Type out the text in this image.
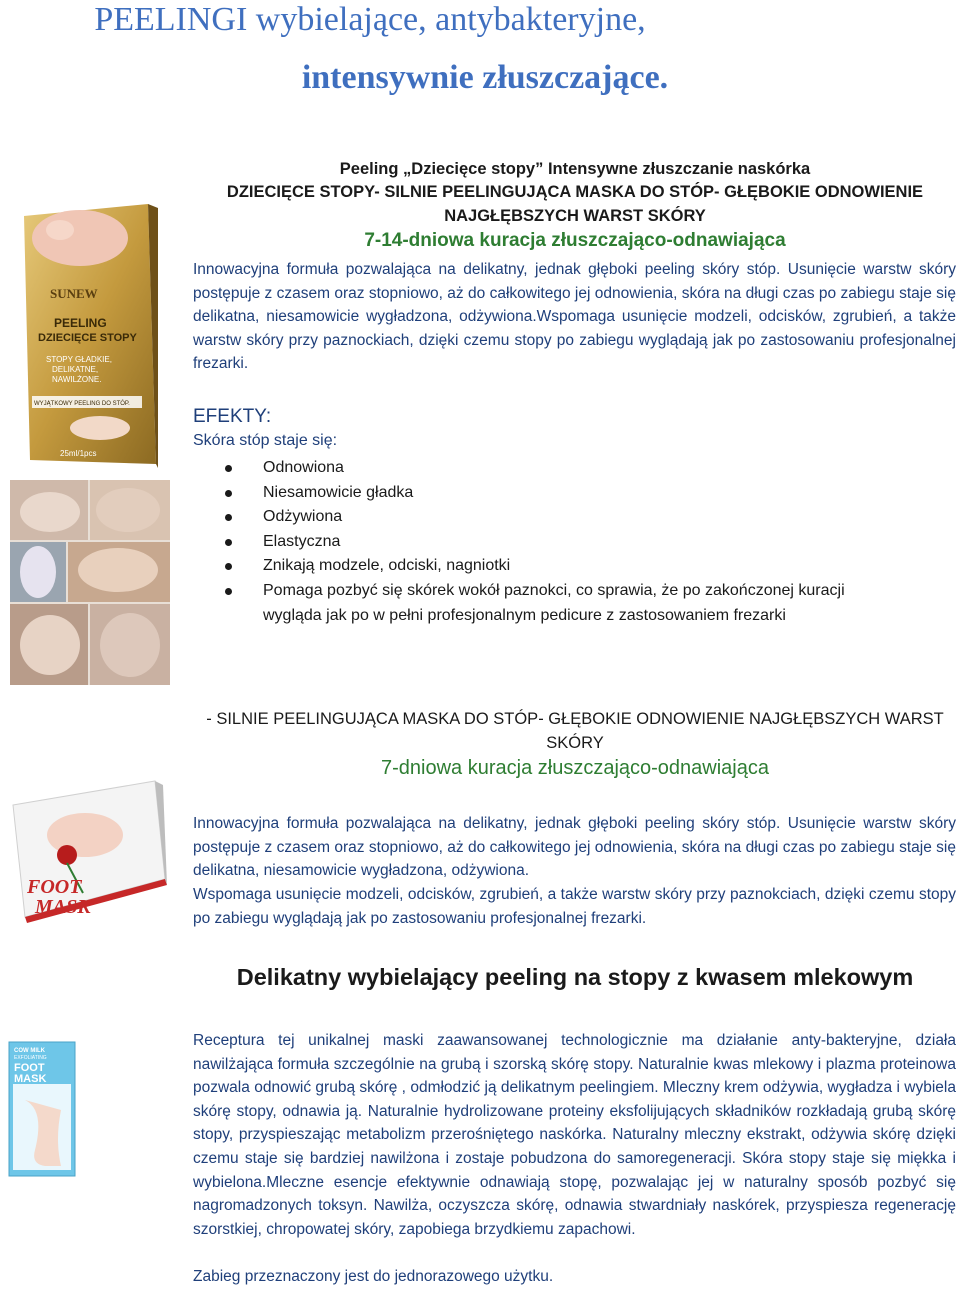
PEELINGI wybielające, antybakteryjne,
intensywnie złuszczające.
SUNEW
PEELING
DZIECIĘCE STOPY
STOPY GŁADKIE,
DELIKATNE,
NAWILŻONE.
WYJĄTKOWY PEELING DO STÓP.
25ml/1pcs
Peeling „Dziecięce stopy” Intensywne złuszczanie naskórka
DZIECIĘCE STOPY- SILNIE PEELINGUJĄCA MASKA DO STÓP- GŁĘBOKIE ODNOWIENIE
NAJGŁĘBSZYCH WARST SKÓRY
7-14-dniowa kuracja złuszczająco-odnawiająca
Innowacyjna formuła pozwalająca na delikatny, jednak głęboki peeling skóry stóp. Usunięcie warstw skóry postępuje z czasem oraz stopniowo, aż do całkowitego jej odnowienia, skóra na długi czas po zabiegu staje się delikatna, niesamowicie wygładzona, odżywiona.Wspomaga usunięcie modzeli, odcisków, zgrubień, a także warstw skóry przy paznockiach, dzięki czemu stopy po zabiegu wyglądają jak po zastosowaniu profesjonalnej frezarki.
EFEKTY:
Skóra stóp staje się:
Odnowiona
Niesamowicie gładka
Odżywiona
Elastyczna
Znikają modzele, odciski, nagniotki
Pomaga pozbyć się skórek wokół paznokci, co sprawia, że po zakończonej kuracji wygląda jak po w pełni profesjonalnym pedicure z zastosowaniem frezarki
- SILNIE PEELINGUJĄCA MASKA DO STÓP- GŁĘBOKIE ODNOWIENIE NAJGŁĘBSZYCH WARST
SKÓRY
7-dniowa kuracja złuszczająco-odnawiająca
FOOT
MASK
Innowacyjna formuła pozwalająca na delikatny, jednak głęboki peeling skóry stóp. Usunięcie warstw skóry postępuje z czasem oraz stopniowo, aż do całkowitego jej odnowienia, skóra na długi czas po zabiegu staje się delikatna, niesamowicie wygładzona, odżywiona.
Wspomaga usunięcie modzeli, odcisków, zgrubień, a także warstw skóry przy paznokciach, dzięki czemu stopy po zabiegu wyglądają jak po zastosowaniu profesjonalnej frezarki.
Delikatny wybielający peeling na stopy z kwasem mlekowym
COW MILK
EXFOLIATING
FOOT
MASK
Receptura tej unikalnej maski zaawansowanej technologicznie ma działanie anty-bakteryjne, działa nawilżająca formuła szczególnie na grubą i szorską skórę stopy. Naturalnie kwas mlekowy i plazma proteinowa pozwala odnowić grubą skórę , odmłodzić ją delikatnym peelingiem. Mleczny krem odżywia, wygładza i wybiela skórę stopy, odnawia ją. Naturalnie hydrolizowane proteiny eksfolijujących składników rozkładają grubą skórę stopy, przyspieszając metabolizm przerośniętego naskórka. Naturalny mleczny ekstrakt, odżywia skórę dzięki czemu staje się bardziej nawilżona i zostaje pobudzona do samoregeneracji. Skóra stopy staje się miękka i wybielona.Mleczne esencje efektywnie odnawiają stopę, pozwalając jej w naturalny sposób pozbyć się nagromadzonych toksyn. Nawilża, oczyszcza skórę, odnawia stwardniały naskórek, przyspiesza regenerację szorstkiej, chropowatej skóry, zapobiega brzydkiemu zapachowi.
Zabieg przeznaczony jest do jednorazowego użytku.
